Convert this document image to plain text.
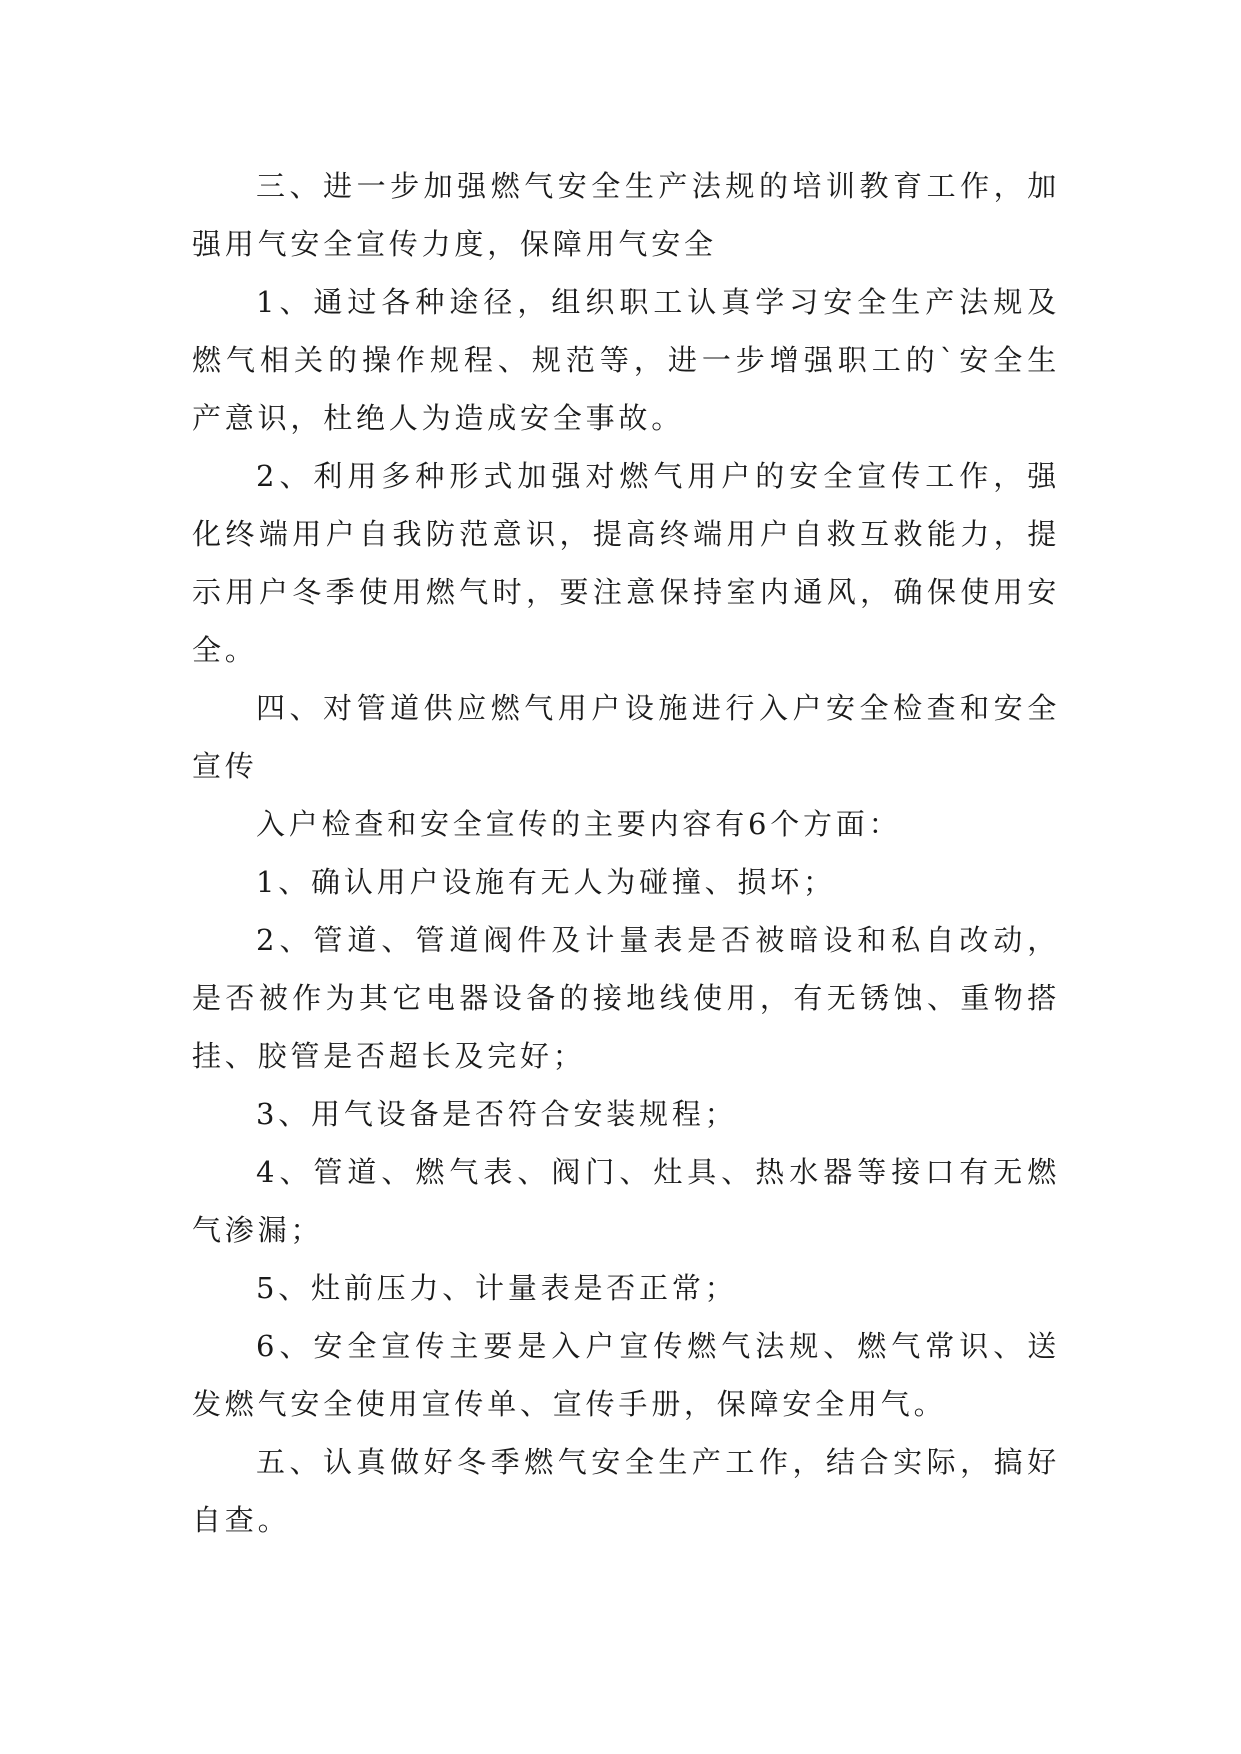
三、进一步加强燃气安全生产法规的培训教育工作，加强用气安全宣传力度，保障用气安全

1、通过各种途径，组织职工认真学习安全生产法规及燃气相关的操作规程、规范等，进一步增强职工的`安全生产意识，杜绝人为造成安全事故。

2、利用多种形式加强对燃气用户的安全宣传工作，强化终端用户自我防范意识，提高终端用户自救互救能力，提示用户冬季使用燃气时，要注意保持室内通风，确保使用安全。

四、对管道供应燃气用户设施进行入户安全检查和安全宣传

入户检查和安全宣传的主要内容有6个方面：

1、确认用户设施有无人为碰撞、损坏；

2、管道、管道阀件及计量表是否被暗设和私自改动，是否被作为其它电器设备的接地线使用，有无锈蚀、重物搭挂、胶管是否超长及完好；

3、用气设备是否符合安装规程；

4、管道、燃气表、阀门、灶具、热水器等接口有无燃气渗漏；

5、灶前压力、计量表是否正常；

6、安全宣传主要是入户宣传燃气法规、燃气常识、送发燃气安全使用宣传单、宣传手册，保障安全用气。

五、认真做好冬季燃气安全生产工作，结合实际，搞好自查。
